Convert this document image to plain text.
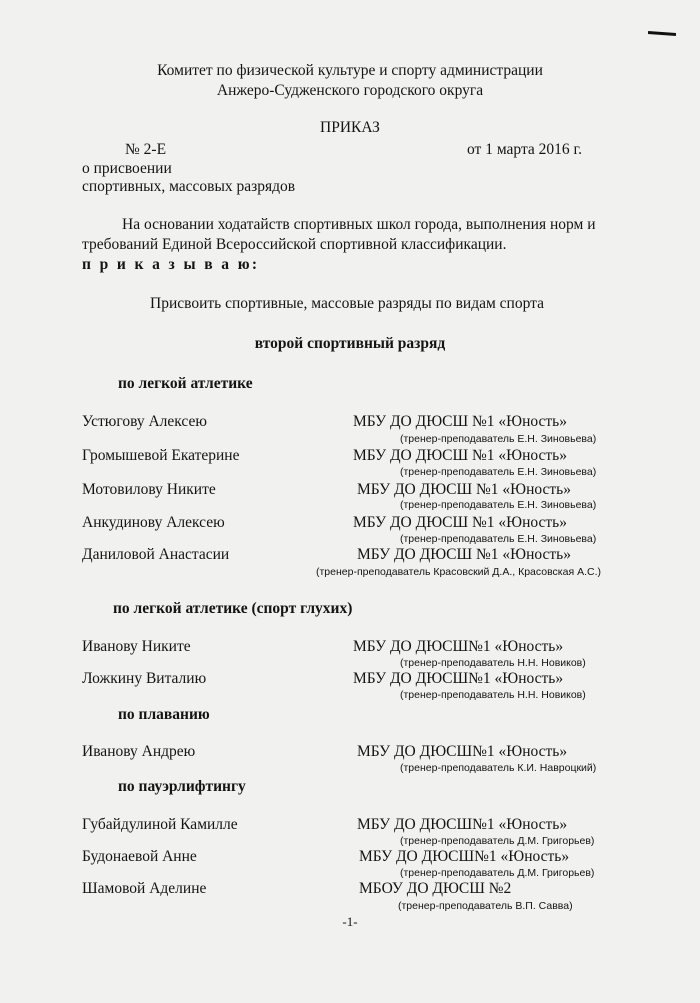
Комитет по физической культуре и спорту администрации
Анжеро-Судженского городского округа
ПРИКАЗ
№ 2-Е	от 1 марта 2016 г.
о присвоении
спортивных, массовых разрядов
На основании ходатайств спортивных школ города, выполнения норм и
требований Единой Всероссийской спортивной классификации.
п р и к а з ы в а ю:
Присвоить спортивные, массовые разряды по видам спорта
второй спортивный разряд
по легкой атлетике
Устюгову Алексею	МБУ ДО ДЮСШ №1 «Юность»
(тренер-преподаватель Е.Н. Зиновьева)
Громышевой Екатерине	МБУ ДО ДЮСШ №1 «Юность»
(тренер-преподаватель Е.Н. Зиновьева)
Мотовилову Никите	МБУ ДО ДЮСШ №1 «Юность»
(тренер-преподаватель Е.Н. Зиновьева)
Анкудинову Алексею	МБУ ДО ДЮСШ №1 «Юность»
(тренер-преподаватель Е.Н. Зиновьева)
Даниловой Анастасии	МБУ ДО ДЮСШ №1 «Юность»
(тренер-преподаватель Красовский Д.А., Красовская А.С.)
по легкой атлетике (спорт глухих)
Иванову Никите	МБУ ДО ДЮСШ№1 «Юность»
(тренер-преподаватель Н.Н. Новиков)
Ложкину Виталию	МБУ ДО ДЮСШ№1 «Юность»
(тренер-преподаватель Н.Н. Новиков)
по плаванию
Иванову Андрею	МБУ ДО ДЮСШ№1 «Юность»
(тренер-преподаватель К.И. Навроцкий)
по пауэрлифтингу
Губайдулиной Камилле	МБУ ДО ДЮСШ№1 «Юность»
(тренер-преподаватель Д.М. Григорьев)
Будонаевой Анне	МБУ ДО ДЮСШ№1 «Юность»
(тренер-преподаватель Д.М. Григорьев)
Шамовой Аделине	МБОУ ДО ДЮСШ №2
(тренер-преподаватель В.П. Савва)
-1-
